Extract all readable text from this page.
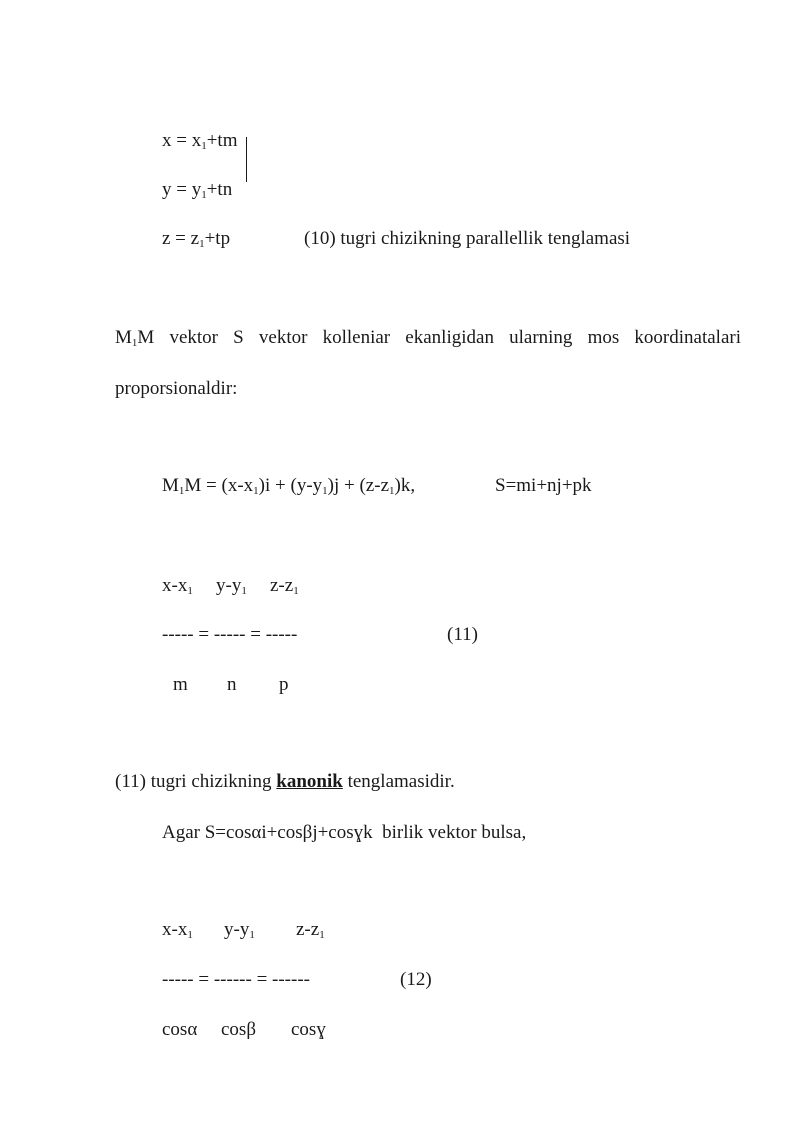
$x = x_1+tm$
$y = y_1+tn$
$z = z_1+tp$	(10) tugri chizikning parallellik tenglamasi
$M_1M$ vektor S vektor kolleniar ekanligidan ularning mos koordinatalari
proporsionaldir:
$M_1M = (x-x_1)i + (y-y_1)j + (z-z_1)k$,	S=mi+nj+pk
$x-x_1$ $y-y_1$ $z-z_1$
----- = ----- = -----	(11)
m n p
(11) tugri chizikning kanonik tenglamasidir.
Agar S=cosαi+cosβj+cosɣk  birlik vektor bulsa,
$x-x_1$ $y-y_1$ $z-z_1$
----- = ------ = ------	(12)
cosα cosβ cosɣ
